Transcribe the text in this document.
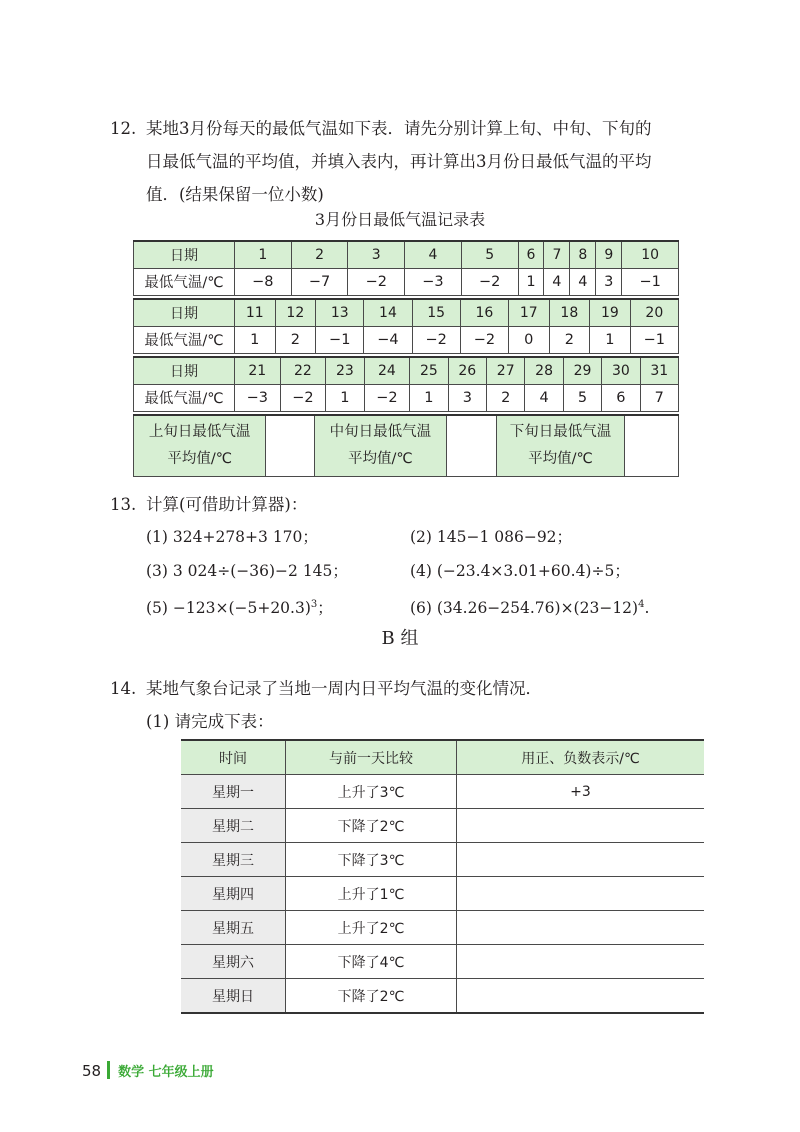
12. 某地3月份每天的最低气温如下表．请先分别计算上旬、中旬、下旬的
日最低气温的平均值，并填入表内，再计算出3月份日最低气温的平均
值．(结果保留一位小数)
3月份日最低气温记录表
日期	1	2	3	4	5	6	7	8	9	10
最低气温/℃	−8	−7	−2	−3	−2	1	4	4	3	−1
日期	11	12	13	14	15	16	17	18	19	20
最低气温/℃	1	2	−1	−4	−2	−2	0	2	1	−1
日期	21	22	23	24	25	26	27	28	29	30	31
最低气温/℃	−3	−2	1	−2	1	3	2	4	5	6	7
上旬日最低气温
平均值/℃

中旬日最低气温
平均值/℃

下旬日最低气温
平均值/℃

13. 计算(可借助计算器)：
(1) 324+278+3 170；	(2) 145−1 086−92；
(3) 3 024÷(−36)−2 145；	(4) (−23.4×3.01+60.4)÷5；
$(5) -123\times(-5+20.3)^3$；	(6) $(34.26-254.76)\times(23-12)^4$.
B 组
14. 某地气象台记录了当地一周内日平均气温的变化情况．
(1) 请完成下表：
时间	与前一天比较	用正、负数表示/℃
星期一	上升了3℃	+3
星期二	下降了2℃	
星期三	下降了3℃	
星期四	上升了1℃	
星期五	上升了2℃	
星期六	下降了4℃	
星期日	下降了2℃	
58 数学 七年级上册
